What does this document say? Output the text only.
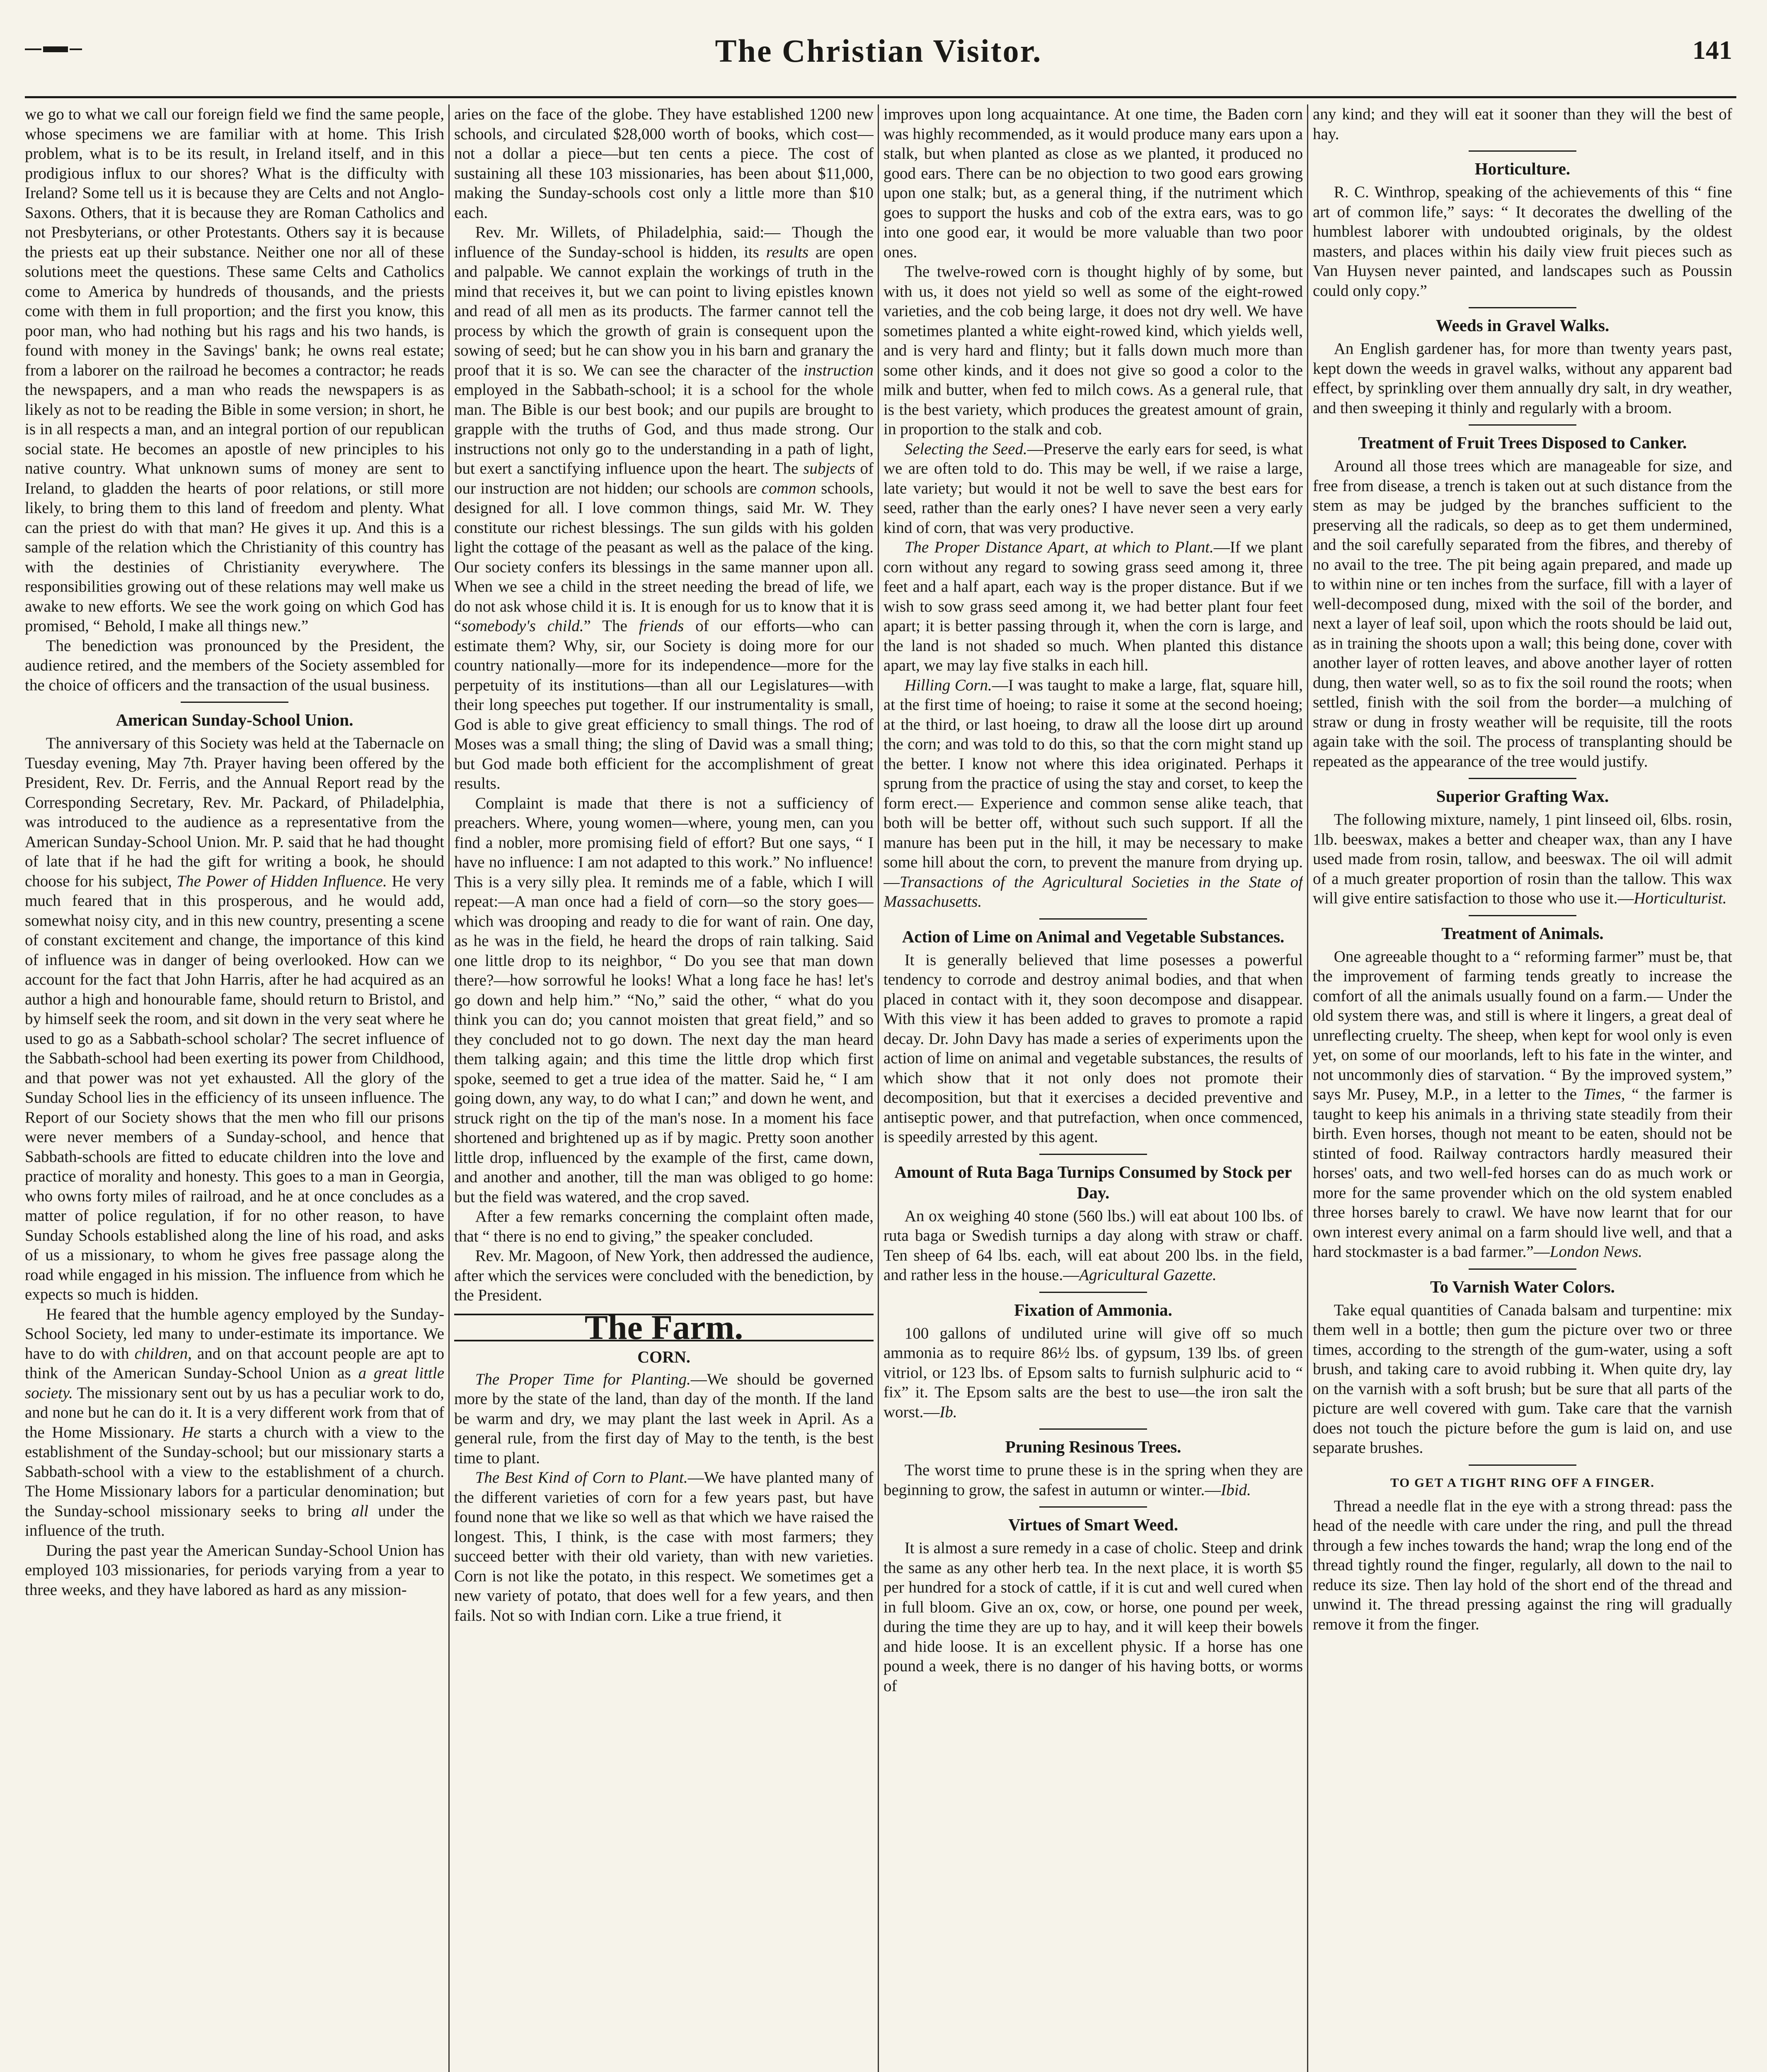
The Christian Visitor.	141

we go to what we call our foreign field we find the same people, whose specimens we are familiar with at home. This Irish problem, what is to be its result, in Ireland itself, and in this prodigious influx to our shores? What is the difficulty with Ireland? Some tell us it is because they are Celts and not Anglo-Saxons. Others, that it is because they are Roman Catholics and not Presbyterians, or other Protestants. Others say it is because the priests eat up their substance. Neither one nor all of these solutions meet the questions. These same Celts and Catholics come to America by hundreds of thousands, and the priests come with them in full proportion; and the first you know, this poor man, who had nothing but his rags and his two hands, is found with money in the Savings' bank; he owns real estate; from a laborer on the railroad he becomes a contractor; he reads the newspapers, and a man who reads the newspapers is as likely as not to be reading the Bible in some version; in short, he is in all respects a man, and an integral portion of our republican social state. He becomes an apostle of new principles to his native country. What unknown sums of money are sent to Ireland, to gladden the hearts of poor relations, or still more likely, to bring them to this land of freedom and plenty. What can the priest do with that man? He gives it up. And this is a sample of the relation which the Christianity of this country has with the destinies of Christianity everywhere. The responsibilities growing out of these relations may well make us awake to new efforts. We see the work going on which God has promised, “ Behold, I make all things new.”

The benediction was pronounced by the President, the audience retired, and the members of the Society assembled for the choice of officers and the transaction of the usual business.

American Sunday-School Union.

The anniversary of this Society was held at the Tabernacle on Tuesday evening, May 7th. Prayer having been offered by the President, Rev. Dr. Ferris, and the Annual Report read by the Corresponding Secretary, Rev. Mr. Packard, of Philadelphia, was introduced to the audience as a representative from the American Sunday-School Union. Mr. P. said that he had thought of late that if he had the gift for writing a book, he should choose for his subject, The Power of Hidden Influence. He very much feared that in this prosperous, and he would add, somewhat noisy city, and in this new country, presenting a scene of constant excitement and change, the importance of this kind of influence was in danger of being overlooked. How can we account for the fact that John Harris, after he had acquired as an author a high and honourable fame, should return to Bristol, and by himself seek the room, and sit down in the very seat where he used to go as a Sabbath-school scholar? The secret influence of the Sabbath-school had been exerting its power from Childhood, and that power was not yet exhausted. All the glory of the Sunday School lies in the efficiency of its unseen influence. The Report of our Society shows that the men who fill our prisons were never members of a Sunday-school, and hence that Sabbath-schools are fitted to educate children into the love and practice of morality and honesty. This goes to a man in Georgia, who owns forty miles of railroad, and he at once concludes as a matter of police regulation, if for no other reason, to have Sunday Schools established along the line of his road, and asks of us a missionary, to whom he gives free passage along the road while engaged in his mission. The influence from which he expects so much is hidden.

He feared that the humble agency employed by the Sunday-School Society, led many to under-estimate its importance. We have to do with children, and on that account people are apt to think of the American Sunday-School Union as a great little society. The missionary sent out by us has a peculiar work to do, and none but he can do it. It is a very different work from that of the Home Missionary. He starts a church with a view to the establishment of the Sunday-school; but our missionary starts a Sabbath-school with a view to the establishment of a church. The Home Missionary labors for a particular denomination; but the Sunday-school missionary seeks to bring all under the influence of the truth.

During the past year the American Sunday-School Union has employed 103 missionaries, for periods varying from a year to three weeks, and they have labored as hard as any mission-

aries on the face of the globe. They have established 1200 new schools, and circulated $28,000 worth of books, which cost—not a dollar a piece—but ten cents a piece. The cost of sustaining all these 103 missionaries, has been about $11,000, making the Sunday-schools cost only a little more than $10 each.

Rev. Mr. Willets, of Philadelphia, said:— Though the influence of the Sunday-school is hidden, its results are open and palpable. We cannot explain the workings of truth in the mind that receives it, but we can point to living epistles known and read of all men as its products. The farmer cannot tell the process by which the growth of grain is consequent upon the sowing of seed; but he can show you in his barn and granary the proof that it is so. We can see the character of the instruction employed in the Sabbath-school; it is a school for the whole man. The Bible is our best book; and our pupils are brought to grapple with the truths of God, and thus made strong. Our instructions not only go to the understanding in a path of light, but exert a sanctifying influence upon the heart. The subjects of our instruction are not hidden; our schools are common schools, designed for all. I love common things, said Mr. W. They constitute our richest blessings. The sun gilds with his golden light the cottage of the peasant as well as the palace of the king. Our society confers its blessings in the same manner upon all. When we see a child in the street needing the bread of life, we do not ask whose child it is. It is enough for us to know that it is “somebody's child.” The friends of our efforts—who can estimate them? Why, sir, our Society is doing more for our country nationally—more for its independence—more for the perpetuity of its institutions—than all our Legislatures—with their long speeches put together. If our instrumentality is small, God is able to give great efficiency to small things. The rod of Moses was a small thing; the sling of David was a small thing; but God made both efficient for the accomplishment of great results.

Complaint is made that there is not a sufficiency of preachers. Where, young women—where, young men, can you find a nobler, more promising field of effort? But one says, “ I have no influence: I am not adapted to this work.” No influence! This is a very silly plea. It reminds me of a fable, which I will repeat:—A man once had a field of corn—so the story goes—which was drooping and ready to die for want of rain. One day, as he was in the field, he heard the drops of rain talking. Said one little drop to its neighbor, “ Do you see that man down there?—how sorrowful he looks! What a long face he has! let's go down and help him.” “No,” said the other, “ what do you think you can do; you cannot moisten that great field,” and so they concluded not to go down. The next day the man heard them talking again; and this time the little drop which first spoke, seemed to get a true idea of the matter. Said he, “ I am going down, any way, to do what I can;” and down he went, and struck right on the tip of the man's nose. In a moment his face shortened and brightened up as if by magic. Pretty soon another little drop, influenced by the example of the first, came down, and another and another, till the man was obliged to go home: but the field was watered, and the crop saved.

After a few remarks concerning the complaint often made, that “ there is no end to giving,” the speaker concluded.

Rev. Mr. Magoon, of New York, then addressed the audience, after which the services were concluded with the benediction, by the President.

The Farm.
CORN.

The Proper Time for Planting.—We should be governed more by the state of the land, than day of the month. If the land be warm and dry, we may plant the last week in April. As a general rule, from the first day of May to the tenth, is the best time to plant.

The Best Kind of Corn to Plant.—We have planted many of the different varieties of corn for a few years past, but have found none that we like so well as that which we have raised the longest. This, I think, is the case with most farmers; they succeed better with their old variety, than with new varieties. Corn is not like the potato, in this respect. We sometimes get a new variety of potato, that does well for a few years, and then fails. Not so with Indian corn. Like a true friend, it

improves upon long acquaintance. At one time, the Baden corn was highly recommended, as it would produce many ears upon a stalk, but when planted as close as we planted, it produced no good ears. There can be no objection to two good ears growing upon one stalk; but, as a general thing, if the nutriment which goes to support the husks and cob of the extra ears, was to go into one good ear, it would be more valuable than two poor ones.

The twelve-rowed corn is thought highly of by some, but with us, it does not yield so well as some of the eight-rowed varieties, and the cob being large, it does not dry well. We have sometimes planted a white eight-rowed kind, which yields well, and is very hard and flinty; but it falls down much more than some other kinds, and it does not give so good a color to the milk and butter, when fed to milch cows. As a general rule, that is the best variety, which produces the greatest amount of grain, in proportion to the stalk and cob.

Selecting the Seed.—Preserve the early ears for seed, is what we are often told to do. This may be well, if we raise a large, late variety; but would it not be well to save the best ears for seed, rather than the early ones? I have never seen a very early kind of corn, that was very productive.

The Proper Distance Apart, at which to Plant.—If we plant corn without any regard to sowing grass seed among it, three feet and a half apart, each way is the proper distance. But if we wish to sow grass seed among it, we had better plant four feet apart; it is better passing through it, when the corn is large, and the land is not shaded so much. When planted this distance apart, we may lay five stalks in each hill.

Hilling Corn.—I was taught to make a large, flat, square hill, at the first time of hoeing; to raise it some at the second hoeing; at the third, or last hoeing, to draw all the loose dirt up around the corn; and was told to do this, so that the corn might stand up the better. I know not where this idea originated. Perhaps it sprung from the practice of using the stay and corset, to keep the form erect.— Experience and common sense alike teach, that both will be better off, without such such support. If all the manure has been put in the hill, it may be necessary to make some hill about the corn, to prevent the manure from drying up.—Transactions of the Agricultural Societies in the State of Massachusetts.

Action of Lime on Animal and Vegetable Substances.

It is generally believed that lime posesses a powerful tendency to corrode and destroy animal bodies, and that when placed in contact with it, they soon decompose and disappear. With this view it has been added to graves to promote a rapid decay. Dr. John Davy has made a series of experiments upon the action of lime on animal and vegetable substances, the results of which show that it not only does not promote their decomposition, but that it exercises a decided preventive and antiseptic power, and that putrefaction, when once commenced, is speedily arrested by this agent.

Amount of Ruta Baga Turnips Consumed by Stock per Day.

An ox weighing 40 stone (560 lbs.) will eat about 100 lbs. of ruta baga or Swedish turnips a day along with straw or chaff. Ten sheep of 64 lbs. each, will eat about 200 lbs. in the field, and rather less in the house.—Agricultural Gazette.

Fixation of Ammonia.

100 gallons of undiluted urine will give off so much ammonia as to require 86½ lbs. of gypsum, 139 lbs. of green vitriol, or 123 lbs. of Epsom salts to furnish sulphuric acid to “ fix” it. The Epsom salts are the best to use—the iron salt the worst.—Ib.

Pruning Resinous Trees.

The worst time to prune these is in the spring when they are beginning to grow, the safest in autumn or winter.—Ibid.

Virtues of Smart Weed.

It is almost a sure remedy in a case of cholic. Steep and drink the same as any other herb tea. In the next place, it is worth $5 per hundred for a stock of cattle, if it is cut and well cured when in full bloom. Give an ox, cow, or horse, one pound per week, during the time they are up to hay, and it will keep their bowels and hide loose. It is an excellent physic. If a horse has one pound a week, there is no danger of his having botts, or worms of

any kind; and they will eat it sooner than they will the best of hay.

Horticulture.

R. C. Winthrop, speaking of the achievements of this “ fine art of common life,” says: “ It decorates the dwelling of the humblest laborer with undoubted originals, by the oldest masters, and places within his daily view fruit pieces such as Van Huysen never painted, and landscapes such as Poussin could only copy.”

Weeds in Gravel Walks.

An English gardener has, for more than twenty years past, kept down the weeds in gravel walks, without any apparent bad effect, by sprinkling over them annually dry salt, in dry weather, and then sweeping it thinly and regularly with a broom.

Treatment of Fruit Trees Disposed to Canker.

Around all those trees which are manageable for size, and free from disease, a trench is taken out at such distance from the stem as may be judged by the branches sufficient to the preserving all the radicals, so deep as to get them undermined, and the soil carefully separated from the fibres, and thereby of no avail to the tree. The pit being again prepared, and made up to within nine or ten inches from the surface, fill with a layer of well-decomposed dung, mixed with the soil of the border, and next a layer of leaf soil, upon which the roots should be laid out, as in training the shoots upon a wall; this being done, cover with another layer of rotten leaves, and above another layer of rotten dung, then water well, so as to fix the soil round the roots; when settled, finish with the soil from the border—a mulching of straw or dung in frosty weather will be requisite, till the roots again take with the soil. The process of transplanting should be repeated as the appearance of the tree would justify.

Superior Grafting Wax.

The following mixture, namely, 1 pint linseed oil, 6lbs. rosin, 1lb. beeswax, makes a better and cheaper wax, than any I have used made from rosin, tallow, and beeswax. The oil will admit of a much greater proportion of rosin than the tallow. This wax will give entire satisfaction to those who use it.—Horticulturist.

Treatment of Animals.

One agreeable thought to a “ reforming farmer” must be, that the improvement of farming tends greatly to increase the comfort of all the animals usually found on a farm.— Under the old system there was, and still is where it lingers, a great deal of unreflecting cruelty. The sheep, when kept for wool only is even yet, on some of our moorlands, left to his fate in the winter, and not uncommonly dies of starvation. “ By the improved system,” says Mr. Pusey, M.P., in a letter to the Times, “ the farmer is taught to keep his animals in a thriving state steadily from their birth. Even horses, though not meant to be eaten, should not be stinted of food. Railway contractors hardly measured their horses' oats, and two well-fed horses can do as much work or more for the same provender which on the old system enabled three horses barely to crawl. We have now learnt that for our own interest every animal on a farm should live well, and that a hard stockmaster is a bad farmer.”—London News.

To Varnish Water Colors.

Take equal quantities of Canada balsam and turpentine: mix them well in a bottle; then gum the picture over two or three times, according to the strength of the gum-water, using a soft brush, and taking care to avoid rubbing it. When quite dry, lay on the varnish with a soft brush; but be sure that all parts of the picture are well covered with gum. Take care that the varnish does not touch the picture before the gum is laid on, and use separate brushes.

TO GET A TIGHT RING OFF A FINGER.

Thread a needle flat in the eye with a strong thread: pass the head of the needle with care under the ring, and pull the thread through a few inches towards the hand; wrap the long end of the thread tightly round the finger, regularly, all down to the nail to reduce its size. Then lay hold of the short end of the thread and unwind it. The thread pressing against the ring will gradually remove it from the finger.
